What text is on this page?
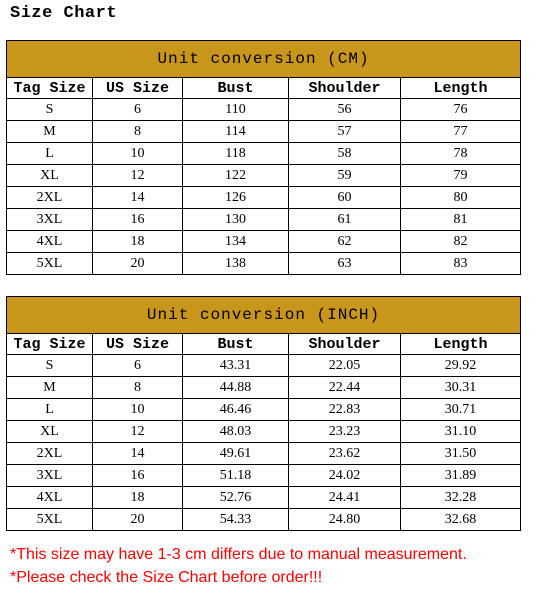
Size Chart
Unit conversion (CM)				
Tag Size	US Size	Bust	Shoulder	Length
S	6	110	56	76
M	8	114	57	77
L	10	118	58	78
XL	12	122	59	79
2XL	14	126	60	80
3XL	16	130	61	81
4XL	18	134	62	82
5XL	20	138	63	83
Unit conversion (INCH)				
Tag Size	US Size	Bust	Shoulder	Length
S	6	43.31	22.05	29.92
M	8	44.88	22.44	30.31
L	10	46.46	22.83	30.71
XL	12	48.03	23.23	31.10
2XL	14	49.61	23.62	31.50
3XL	16	51.18	24.02	31.89
4XL	18	52.76	24.41	32.28
5XL	20	54.33	24.80	32.68
*This size may have 1-3 cm differs due to manual measurement.
*Please check the Size Chart before order!!!
